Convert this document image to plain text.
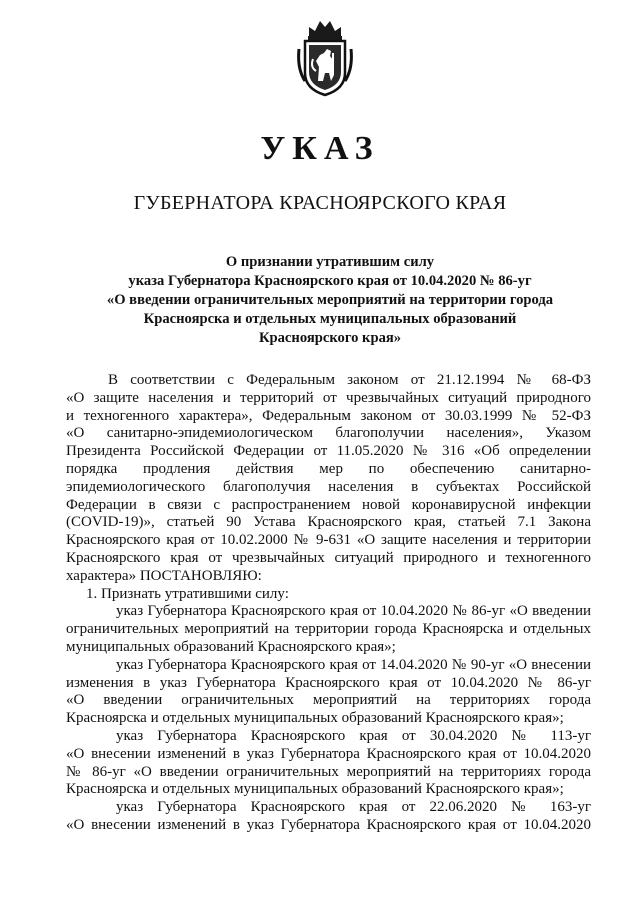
УКАЗ
ГУБЕРНАТОРА КРАСНОЯРСКОГО КРАЯ
О признании утратившим силу
указа Губернатора Красноярского края от 10.04.2020 № 86-уг
«О введении ограничительных мероприятий на территории города
Красноярска и отдельных муниципальных образований
Красноярского края»
В соответствии с Федеральным законом от 21.12.1994 № 68-ФЗ
«О защите населения и территорий от чрезвычайных ситуаций природного
и техногенного характера», Федеральным законом от 30.03.1999 № 52-ФЗ
«О санитарно-эпидемиологическом благополучии населения», Указом
Президента Российской Федерации от 11.05.2020 № 316 «Об определении
порядка продления действия мер по обеспечению санитарно-
эпидемиологического благополучия населения в субъектах Российской
Федерации в связи с распространением новой коронавирусной инфекции
(COVID-19)», статьей 90 Устава Красноярского края, статьей 7.1 Закона
Красноярского края от 10.02.2000 № 9-631 «О защите населения и территории
Красноярского края от чрезвычайных ситуаций природного и техногенного
характера» ПОСТАНОВЛЯЮ:
1. Признать утратившими силу:
указ Губернатора Красноярского края от 10.04.2020 № 86-уг «О введении
ограничительных мероприятий на территории города Красноярска и отдельных
муниципальных образований Красноярского края»;
указ Губернатора Красноярского края от 14.04.2020 № 90-уг «О внесении
изменения в указ Губернатора Красноярского края от 10.04.2020 № 86-уг
«О введении ограничительных мероприятий на территориях города
Красноярска и отдельных муниципальных образований Красноярского края»;
указ Губернатора Красноярского края от 30.04.2020 № 113-уг
«О внесении изменений в указ Губернатора Красноярского края от 10.04.2020
№ 86-уг «О введении ограничительных мероприятий на территориях города
Красноярска и отдельных муниципальных образований Красноярского края»;
указ Губернатора Красноярского края от 22.06.2020 № 163-уг
«О внесении изменений в указ Губернатора Красноярского края от 10.04.2020
